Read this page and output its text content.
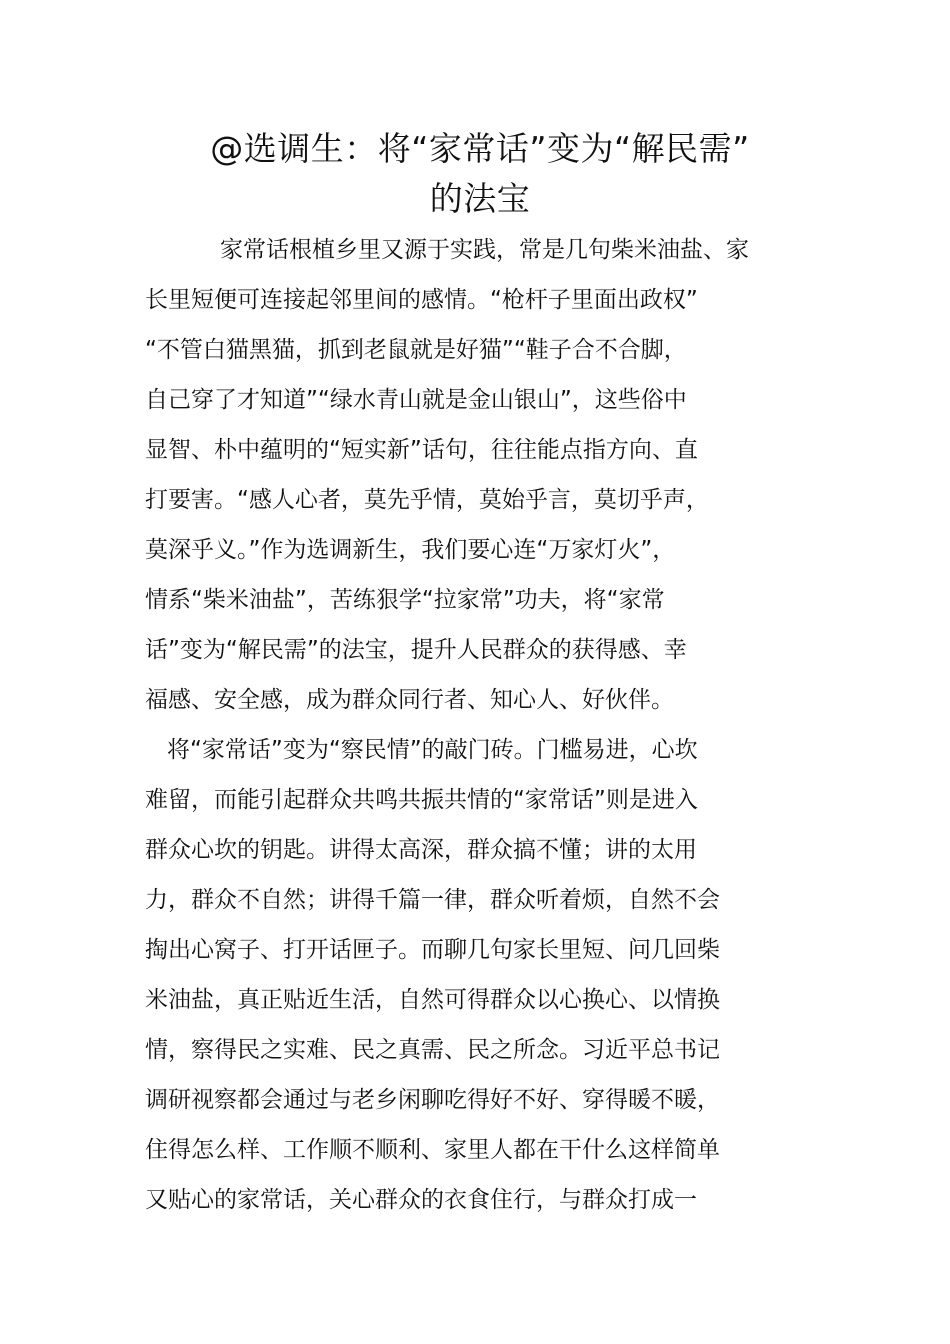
@选调生：将“家常话”变为“解民需”
的法宝
家常话根植乡里又源于实践，常是几句柴米油盐、家
长里短便可连接起邻里间的感情。“枪杆子里面出政权”
“不管白猫黑猫，抓到老鼠就是好猫”“鞋子合不合脚，
自己穿了才知道”“绿水青山就是金山银山”，这些俗中
显智、朴中蕴明的“短实新”话句，往往能点指方向、直
打要害。“感人心者，莫先乎情，莫始乎言，莫切乎声，
莫深乎义。”作为选调新生，我们要心连“万家灯火”，
情系“柴米油盐”，苦练狠学“拉家常”功夫，将“家常
话”变为“解民需”的法宝，提升人民群众的获得感、幸
福感、安全感，成为群众同行者、知心人、好伙伴。
将“家常话”变为“察民情”的敲门砖。门槛易进，心坎
难留，而能引起群众共鸣共振共情的“家常话”则是进入
群众心坎的钥匙。讲得太高深，群众搞不懂；讲的太用
力，群众不自然；讲得千篇一律，群众听着烦，自然不会
掏出心窝子、打开话匣子。而聊几句家长里短、问几回柴
米油盐，真正贴近生活，自然可得群众以心换心、以情换
情，察得民之实难、民之真需、民之所念。习近平总书记
调研视察都会通过与老乡闲聊吃得好不好、穿得暖不暖，
住得怎么样、工作顺不顺利、家里人都在干什么这样简单
又贴心的家常话，关心群众的衣食住行，与群众打成一
